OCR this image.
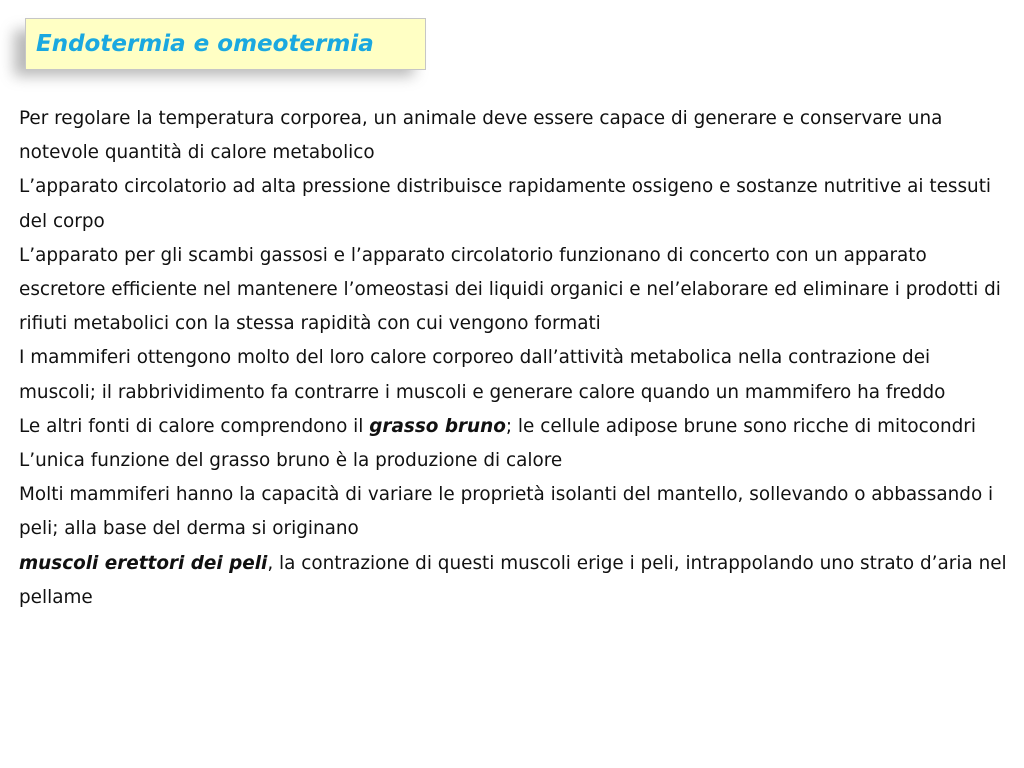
Endotermia e omeotermia

Per regolare la temperatura corporea, un animale deve essere capace di generare e conservare una notevole quantità di calore metabolico

L’apparato circolatorio ad alta pressione distribuisce rapidamente ossigeno e sostanze nutritive ai tessuti del corpo

L’apparato per gli scambi gassosi e l’apparato circolatorio funzionano di concerto con un apparato escretore efficiente nel mantenere l’omeostasi dei liquidi organici e nel’elaborare ed eliminare i prodotti di rifiuti metabolici con la stessa rapidità con cui vengono formati

I mammiferi ottengono molto del loro calore corporeo dall’attività metabolica nella contrazione dei muscoli; il rabbrividimento fa contrarre i muscoli e generare calore quando un mammifero ha freddo

Le altri fonti di calore comprendono il grasso bruno; le cellule adipose brune sono ricche di mitocondri

L’unica funzione del grasso bruno è la produzione di calore

Molti mammiferi hanno la capacità di variare le proprietà isolanti del mantello, sollevando o abbassando i peli; alla base del derma si originano

muscoli erettori dei peli, la contrazione di questi muscoli erige i peli, intrappolando uno strato d’aria nel pellame
